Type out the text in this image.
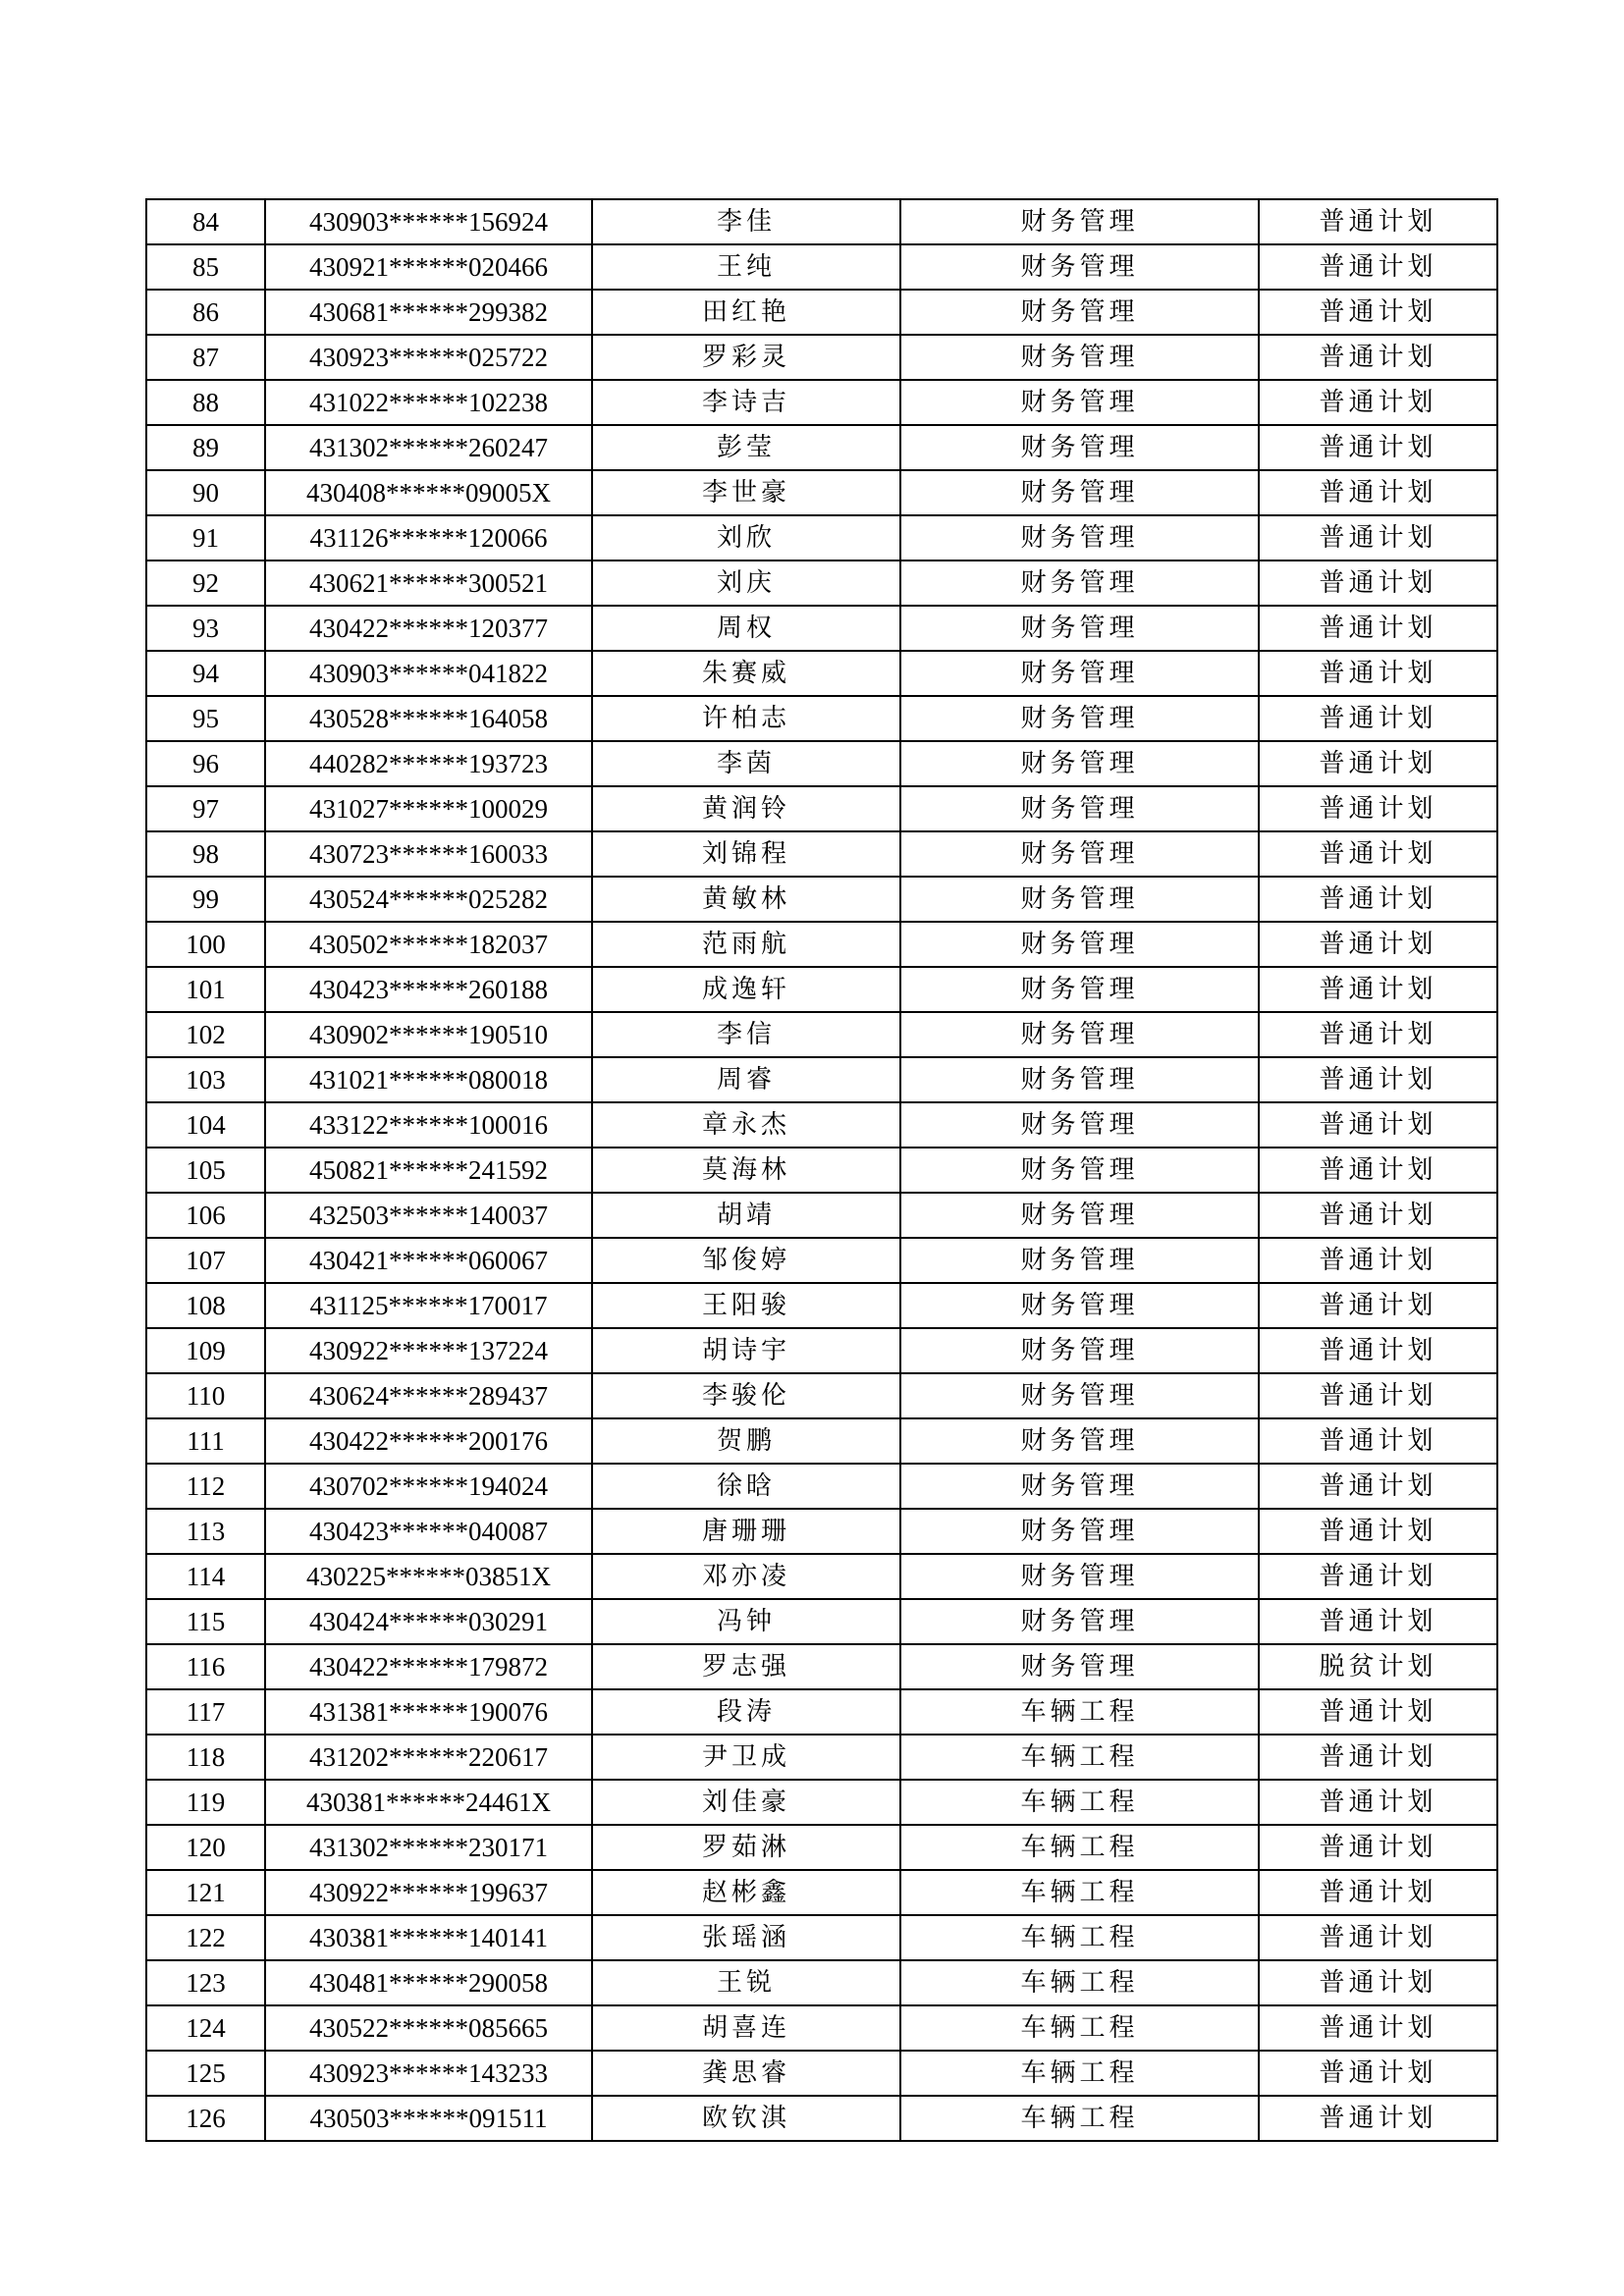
84	430903******156924	李佳	财务管理	普通计划
85	430921******020466	王纯	财务管理	普通计划
86	430681******299382	田红艳	财务管理	普通计划
87	430923******025722	罗彩灵	财务管理	普通计划
88	431022******102238	李诗吉	财务管理	普通计划
89	431302******260247	彭莹	财务管理	普通计划
90	430408******09005X	李世豪	财务管理	普通计划
91	431126******120066	刘欣	财务管理	普通计划
92	430621******300521	刘庆	财务管理	普通计划
93	430422******120377	周权	财务管理	普通计划
94	430903******041822	朱赛威	财务管理	普通计划
95	430528******164058	许柏志	财务管理	普通计划
96	440282******193723	李茵	财务管理	普通计划
97	431027******100029	黄润铃	财务管理	普通计划
98	430723******160033	刘锦程	财务管理	普通计划
99	430524******025282	黄敏林	财务管理	普通计划
100	430502******182037	范雨航	财务管理	普通计划
101	430423******260188	成逸轩	财务管理	普通计划
102	430902******190510	李信	财务管理	普通计划
103	431021******080018	周睿	财务管理	普通计划
104	433122******100016	章永杰	财务管理	普通计划
105	450821******241592	莫海林	财务管理	普通计划
106	432503******140037	胡靖	财务管理	普通计划
107	430421******060067	邹俊婷	财务管理	普通计划
108	431125******170017	王阳骏	财务管理	普通计划
109	430922******137224	胡诗宇	财务管理	普通计划
110	430624******289437	李骏伦	财务管理	普通计划
111	430422******200176	贺鹏	财务管理	普通计划
112	430702******194024	徐晗	财务管理	普通计划
113	430423******040087	唐珊珊	财务管理	普通计划
114	430225******03851X	邓亦凌	财务管理	普通计划
115	430424******030291	冯钟	财务管理	普通计划
116	430422******179872	罗志强	财务管理	脱贫计划
117	431381******190076	段涛	车辆工程	普通计划
118	431202******220617	尹卫成	车辆工程	普通计划
119	430381******24461X	刘佳豪	车辆工程	普通计划
120	431302******230171	罗茹淋	车辆工程	普通计划
121	430922******199637	赵彬鑫	车辆工程	普通计划
122	430381******140141	张瑶涵	车辆工程	普通计划
123	430481******290058	王锐	车辆工程	普通计划
124	430522******085665	胡喜连	车辆工程	普通计划
125	430923******143233	龚思睿	车辆工程	普通计划
126	430503******091511	欧钦淇	车辆工程	普通计划
